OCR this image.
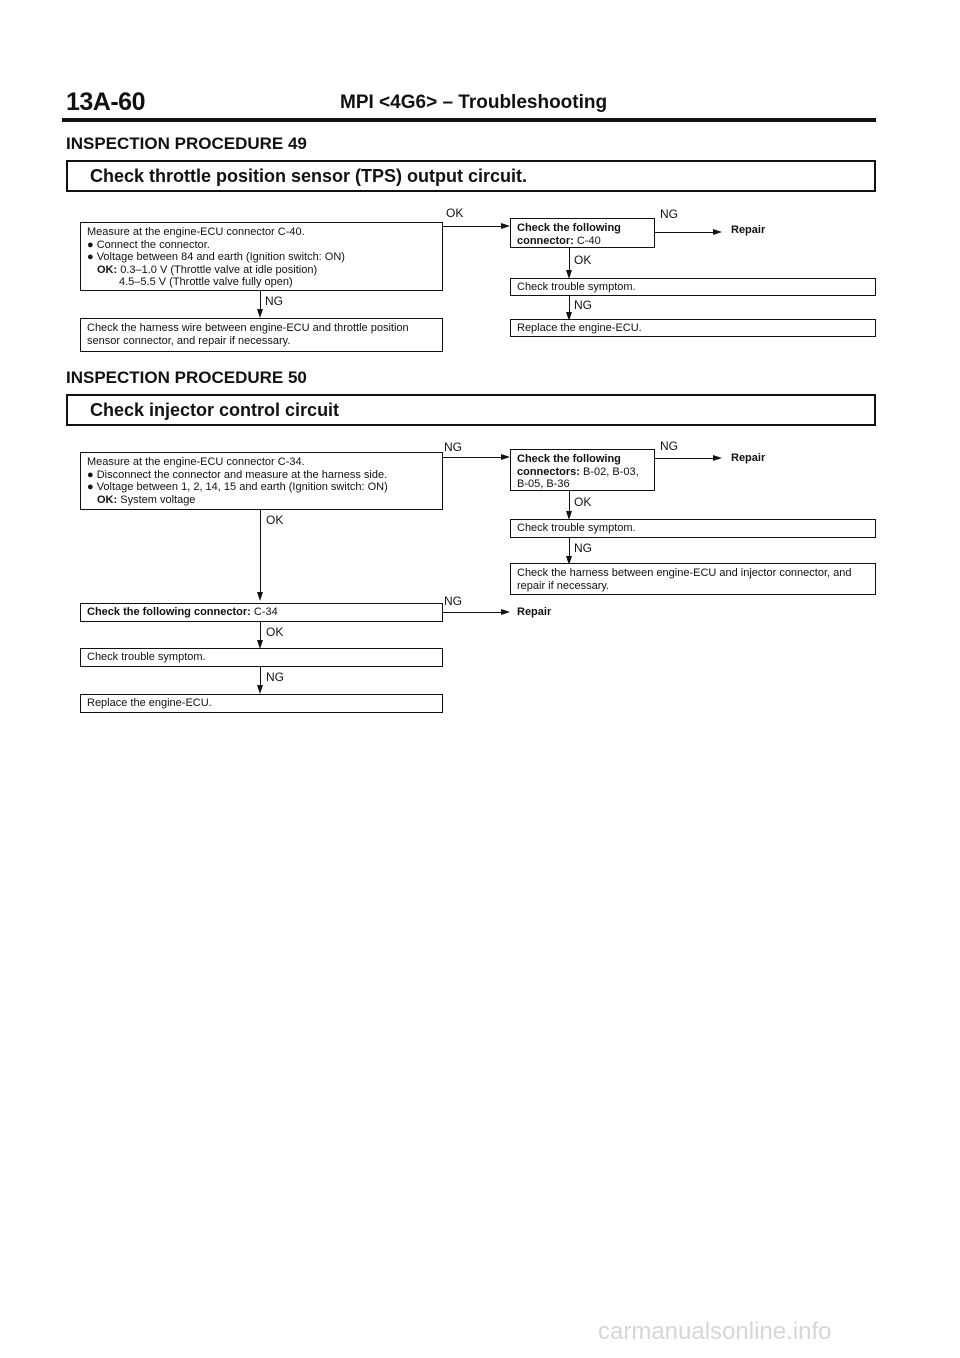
13A-60	MPI <4G6> – Troubleshooting
INSPECTION PROCEDURE 49
Check throttle position sensor (TPS) output circuit.
Measure at the engine-ECU connector C-40.
● Connect the connector.
● Voltage between 84 and earth (Ignition switch: ON)
OK: 0.3–1.0 V (Throttle valve at idle position)
4.5–5.5 V (Throttle valve fully open)
OK
NG
Check the harness wire between engine-ECU and throttle position sensor connector, and repair if necessary.
Check the following connector: C-40
NG
Repair
OK
Check trouble symptom.
NG
Replace the engine-ECU.
INSPECTION PROCEDURE 50
Check injector control circuit
Measure at the engine-ECU connector C-34.
● Disconnect the connector and measure at the harness side.
● Voltage between 1, 2, 14, 15 and earth (Ignition switch: ON)
OK: System voltage
NG
OK
Check the following connectors: B-02, B-03, B-05, B-36
NG
Repair
OK
Check trouble symptom.
NG
Check the harness between engine-ECU and injector connector, and repair if necessary.
Check the following connector: C-34
NG
Repair
OK
Check trouble symptom.
NG
Replace the engine-ECU.
carmanualsonline.info
